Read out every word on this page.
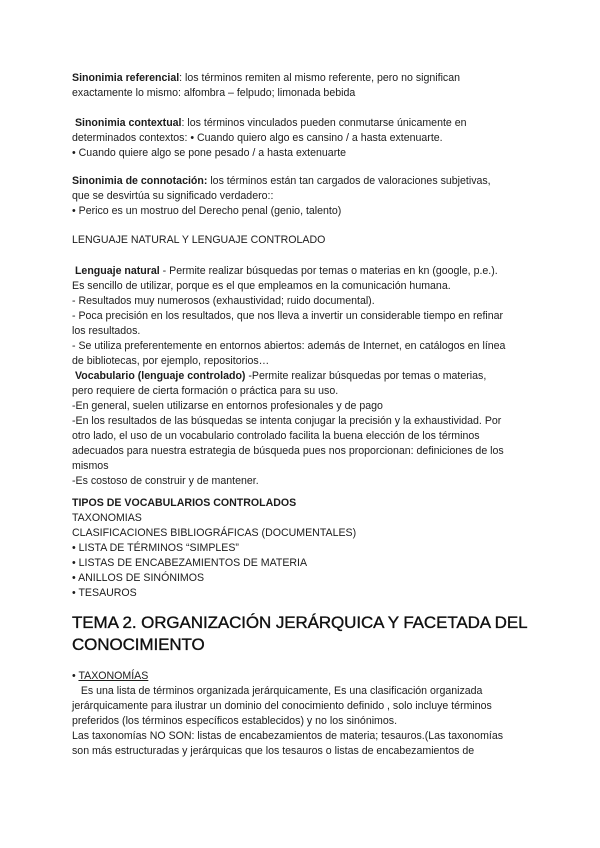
Sinonimia referencial: los términos remiten al mismo referente, pero no significan
exactamente lo mismo: alfombra – felpudo; limonada bebida
Sinonimia contextual: los términos vinculados pueden conmutarse únicamente en
determinados contextos: • Cuando quiero algo es cansino / a hasta extenuarte.
• Cuando quiere algo se pone pesado / a hasta extenuarte
Sinonimia de connotación: los términos están tan cargados de valoraciones subjetivas,
que se desvirtúa su significado verdadero::
• Perico es un mostruo del Derecho penal (genio, talento)
LENGUAJE NATURAL Y LENGUAJE CONTROLADO
Lenguaje natural - Permite realizar búsquedas por temas o materias en kn (google, p.e.).
Es sencillo de utilizar, porque es el que empleamos en la comunicación humana.
- Resultados muy numerosos (exhaustividad; ruido documental).
- Poca precisión en los resultados, que nos lleva a invertir un considerable tiempo en refinar
los resultados.
- Se utiliza preferentemente en entornos abiertos: además de Internet, en catálogos en línea
de bibliotecas, por ejemplo, repositorios…
Vocabulario (lenguaje controlado) -Permite realizar búsquedas por temas o materias,
pero requiere de cierta formación o práctica para su uso.
-En general, suelen utilizarse en entornos profesionales y de pago
-En los resultados de las búsquedas se intenta conjugar la precisión y la exhaustividad. Por
otro lado, el uso de un vocabulario controlado facilita la buena elección de los términos
adecuados para nuestra estrategia de búsqueda pues nos proporcionan: definiciones de los
mismos
-Es costoso de construir y de mantener.
TIPOS DE VOCABULARIOS CONTROLADOS
TAXONOMIAS
CLASIFICACIONES BIBLIOGRÁFICAS (DOCUMENTALES)
• LISTA DE TÉRMINOS “SIMPLES”
• LISTAS DE ENCABEZAMIENTOS DE MATERIA
• ANILLOS DE SINÓNIMOS
• TESAUROS
TEMA 2. ORGANIZACIÓN JERÁRQUICA Y FACETADA DEL
CONOCIMIENTO
• TAXONOMÍAS
Es una lista de términos organizada jerárquicamente, Es una clasificación organizada
jerárquicamente para ilustrar un dominio del conocimiento definido , solo incluye términos
preferidos (los términos específicos establecidos) y no los sinónimos.
Las taxonomías NO SON: listas de encabezamientos de materia; tesauros.(Las taxonomías
son más estructuradas y jerárquicas que los tesauros o listas de encabezamientos de
